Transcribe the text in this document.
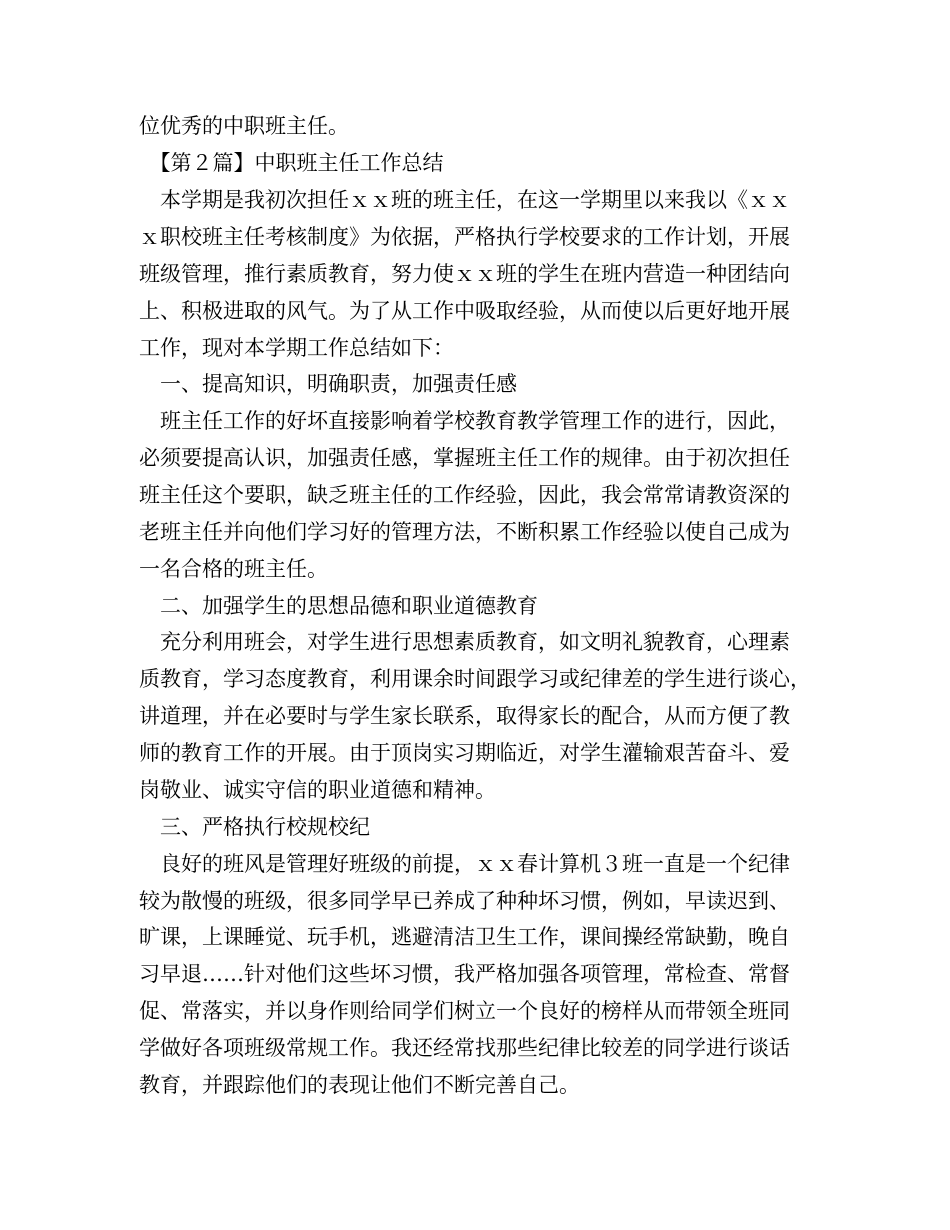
位优秀的中职班主任。
　【第２篇】中职班主任工作总结
　本学期是我初次担任ｘｘ班的班主任，在这一学期里以来我以《ｘｘ
ｘ职校班主任考核制度》为依据，严格执行学校要求的工作计划，开展
班级管理，推行素质教育，努力使ｘｘ班的学生在班内营造一种团结向
上、积极进取的风气。为了从工作中吸取经验，从而使以后更好地开展
工作，现对本学期工作总结如下：
　一、提高知识，明确职责，加强责任感
　班主任工作的好坏直接影响着学校教育教学管理工作的进行，因此，
必须要提高认识，加强责任感，掌握班主任工作的规律。由于初次担任
班主任这个要职，缺乏班主任的工作经验，因此，我会常常请教资深的
老班主任并向他们学习好的管理方法，不断积累工作经验以使自己成为
一名合格的班主任。
　二、加强学生的思想品德和职业道德教育
　充分利用班会，对学生进行思想素质教育，如文明礼貌教育，心理素
质教育，学习态度教育，利用课余时间跟学习或纪律差的学生进行谈心，
讲道理，并在必要时与学生家长联系，取得家长的配合，从而方便了教
师的教育工作的开展。由于顶岗实习期临近，对学生灌输艰苦奋斗、爱
岗敬业、诚实守信的职业道德和精神。
　三、严格执行校规校纪
　良好的班风是管理好班级的前提，ｘｘ春计算机３班一直是一个纪律
较为散慢的班级，很多同学早已养成了种种坏习惯，例如，早读迟到、
旷课，上课睡觉、玩手机，逃避清洁卫生工作，课间操经常缺勤，晚自
习早退……针对他们这些坏习惯，我严格加强各项管理，常检查、常督
促、常落实，并以身作则给同学们树立一个良好的榜样从而带领全班同
学做好各项班级常规工作。我还经常找那些纪律比较差的同学进行谈话
教育，并跟踪他们的表现让他们不断完善自己。
